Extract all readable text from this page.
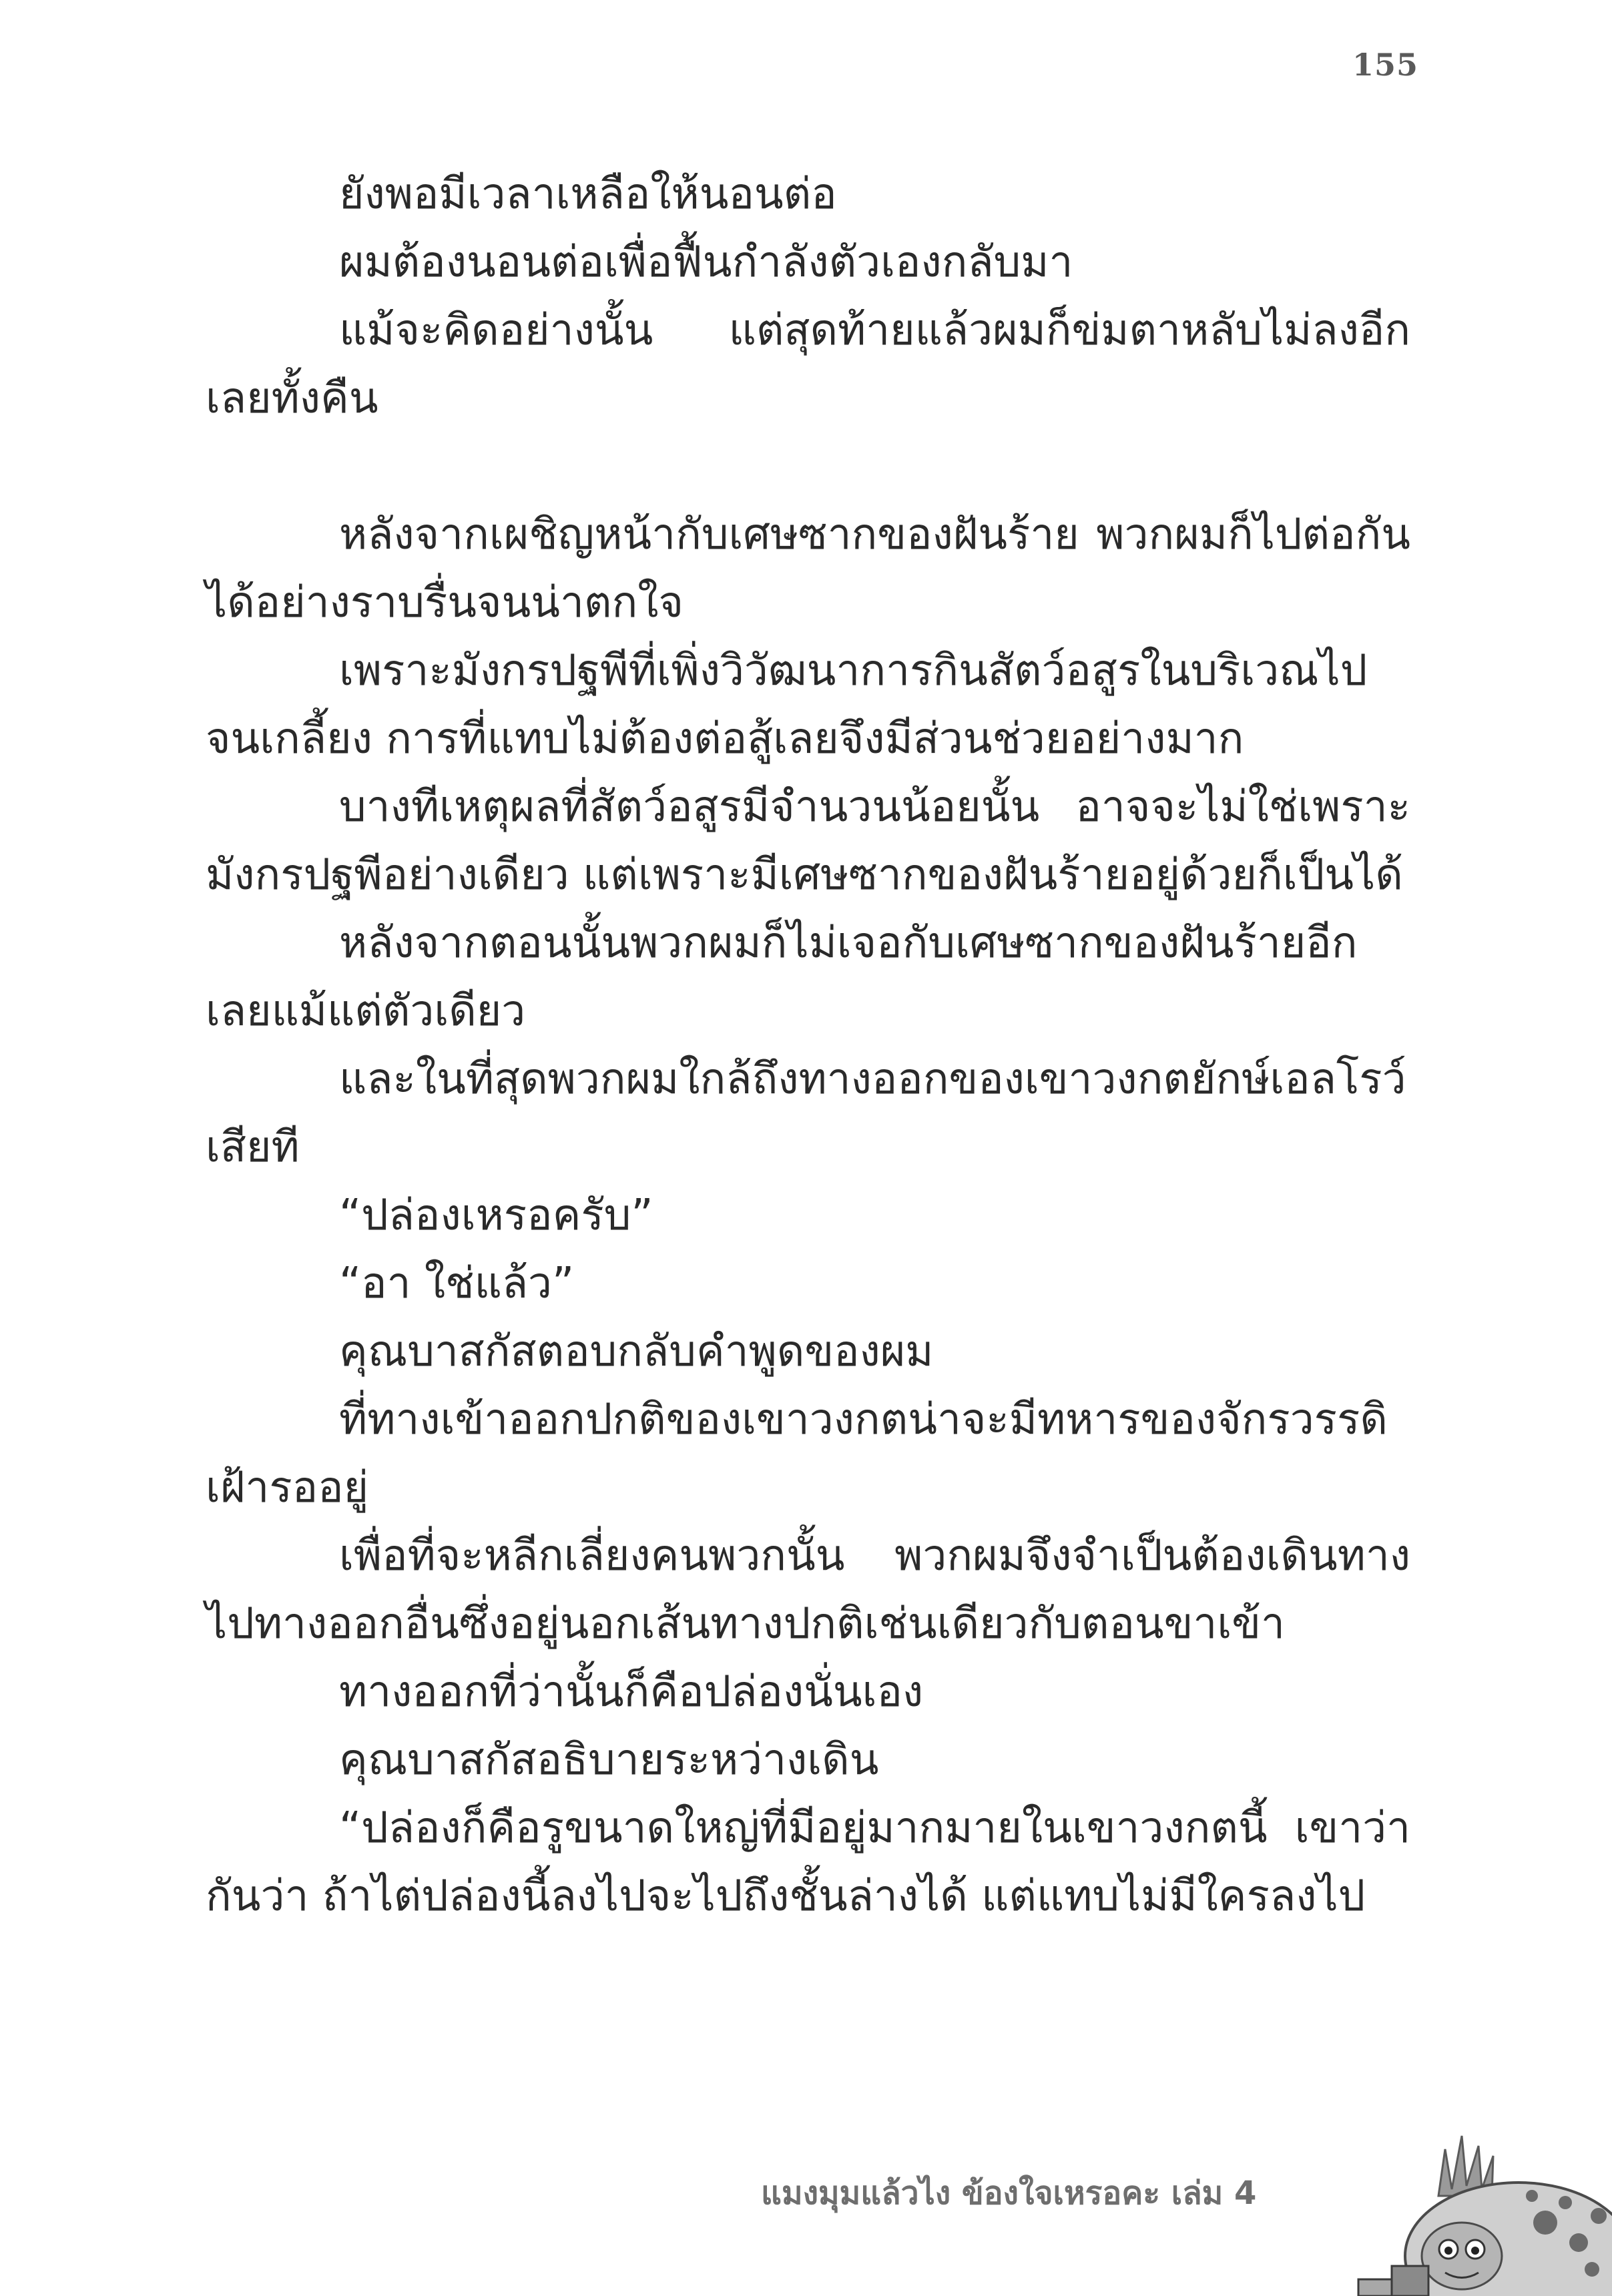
155

ยังพอมีเวลาเหลือให้นอนต่อ

ผมต้องนอนต่อเพื่อฟื้นกำลังตัวเองกลับมา

แม้จะคิดอย่างนั้น แต่สุดท้ายแล้วผมก็ข่มตาหลับไม่ลงอีกเลยทั้งคืน

หลังจากเผชิญหน้ากับเศษซากของฝันร้าย พวกผมก็ไปต่อกันได้อย่างราบรื่นจนน่าตกใจ

เพราะมังกรปฐพีที่เพิ่งวิวัฒนาการกินสัตว์อสูรในบริเวณไปจนเกลี้ยง การที่แทบไม่ต้องต่อสู้เลยจึงมีส่วนช่วยอย่างมาก

บางทีเหตุผลที่สัตว์อสูรมีจำนวนน้อยนั้น อาจจะไม่ใช่เพราะมังกรปฐพีอย่างเดียว แต่เพราะมีเศษซากของฝันร้ายอยู่ด้วยก็เป็นได้

หลังจากตอนนั้นพวกผมก็ไม่เจอกับเศษซากของฝันร้ายอีกเลยแม้แต่ตัวเดียว

และในที่สุดพวกผมใกล้ถึงทางออกของเขาวงกตยักษ์เอลโรว์เสียที

“ปล่องเหรอครับ”

“อา ใช่แล้ว”

คุณบาสกัสตอบกลับคำพูดของผม

ที่ทางเข้าออกปกติของเขาวงกตน่าจะมีทหารของจักรวรรดิเฝ้ารออยู่

เพื่อที่จะหลีกเลี่ยงคนพวกนั้น พวกผมจึงจำเป็นต้องเดินทางไปทางออกอื่นซึ่งอยู่นอกเส้นทางปกติเช่นเดียวกับตอนขาเข้า

ทางออกที่ว่านั้นก็คือปล่องนั่นเอง

คุณบาสกัสอธิบายระหว่างเดิน

“ปล่องก็คือรูขนาดใหญ่ที่มีอยู่มากมายในเขาวงกตนี้ เขาว่ากันว่า ถ้าไต่ปล่องนี้ลงไปจะไปถึงชั้นล่างได้ แต่แทบไม่มีใครลงไป

แมงมุมแล้วไง ข้องใจเหรอคะ เล่ม 4
